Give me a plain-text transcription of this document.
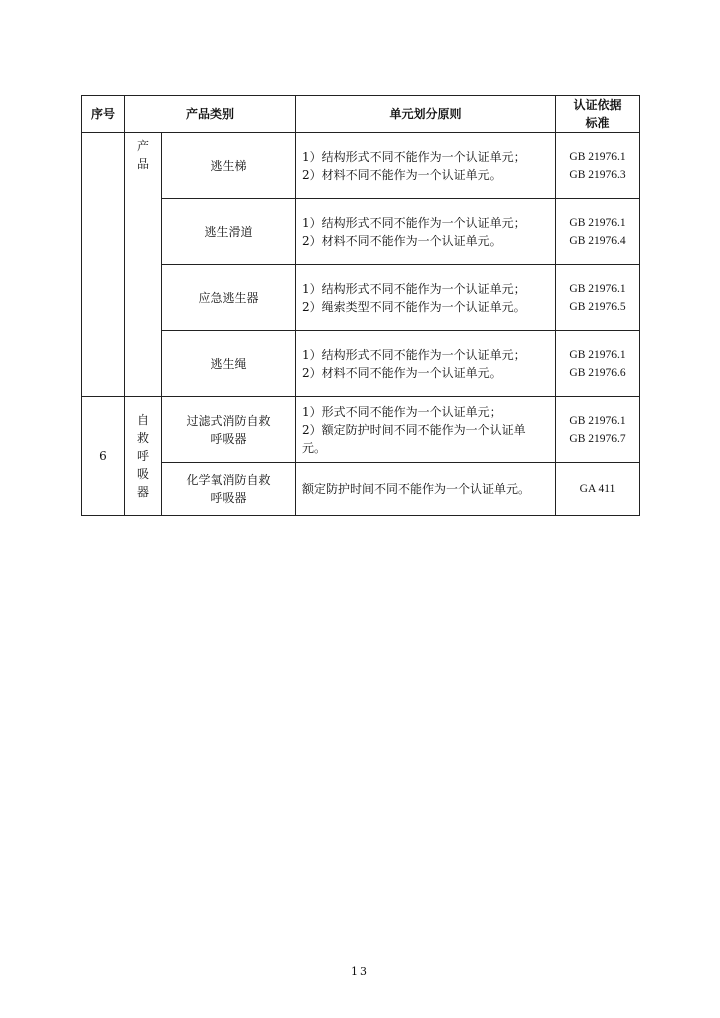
序号	产品类别		单元划分原则	认证依据
标准

	产
品	逃生梯	1）结构形式不同不能作为一个认证单元；
2）材料不同不能作为一个认证单元。	GB 21976.1
GB 21976.3

		逃生滑道	1）结构形式不同不能作为一个认证单元；
2）材料不同不能作为一个认证单元。	GB 21976.1
GB 21976.4

		应急逃生器	1）结构形式不同不能作为一个认证单元；
2）绳索类型不同不能作为一个认证单元。	GB 21976.1
GB 21976.5

		逃生绳	1）结构形式不同不能作为一个认证单元；
2）材料不同不能作为一个认证单元。	GB 21976.1
GB 21976.6

6	自
救
呼
吸
器	过滤式消防自救
呼吸器	1）形式不同不能作为一个认证单元；
2）额定防护时间不同不能作为一个认证单
元。	GB 21976.1
GB 21976.7

		化学氧消防自救
呼吸器	额定防护时间不同不能作为一个认证单元。	GA 411
13
